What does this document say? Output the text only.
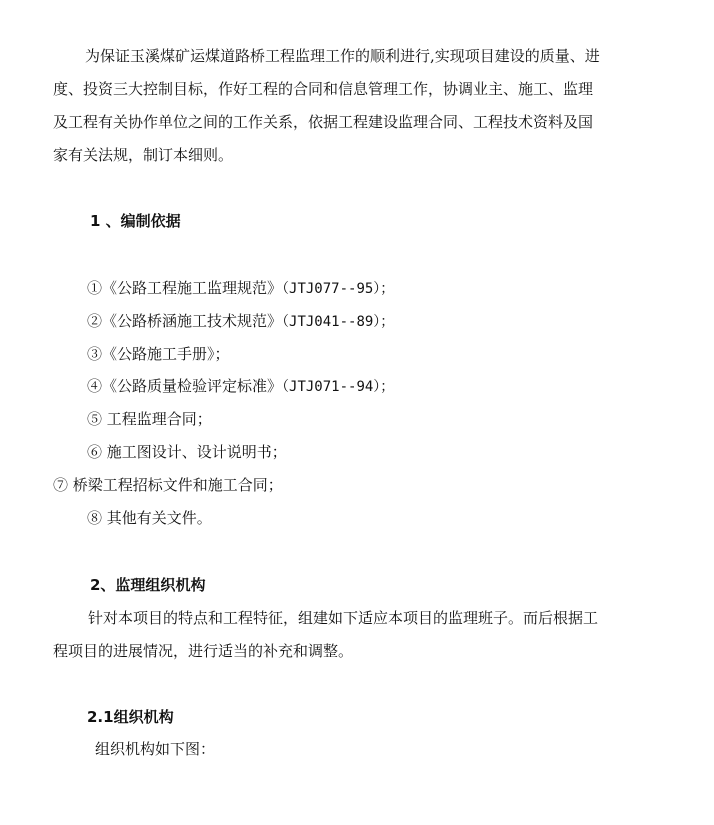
为保证玉溪煤矿运煤道路桥工程监理工作的顺利进行,实现项目建设的质量、进

度、投资三大控制目标，作好工程的合同和信息管理工作，协调业主、施工、监理

及工程有关协作单位之间的工作关系，依据工程建设监理合同、工程技术资料及国

家有关法规，制订本细则。

1 、编制依据
①《公路工程施工监理规范》（JTJ077--95）；
②《公路桥涵施工技术规范》（JTJ041--89）；
③《公路施工手册》；
④《公路质量检验评定标准》（JTJ071--94）；
⑤ 工程监理合同；
⑥ 施工图设计、设计说明书；
⑦ 桥梁工程招标文件和施工合同；
⑧ 其他有关文件。
2、监理组织机构
针对本项目的特点和工程特征，组建如下适应本项目的监理班子。而后根据工
程项目的进展情况，进行适当的补充和调整。
2.1组织机构
组织机构如下图：
